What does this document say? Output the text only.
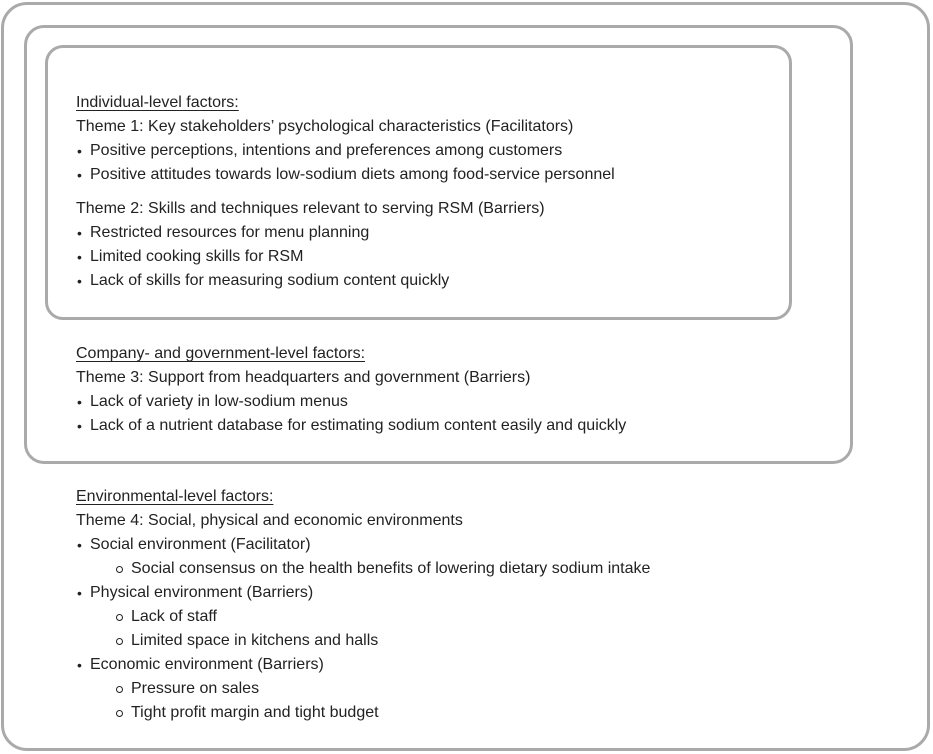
Individual-level factors:
Theme 1: Key stakeholders’ psychological characteristics (Facilitators)
• Positive perceptions, intentions and preferences among customers
• Positive attitudes towards low-sodium diets among food-service personnel
Theme 2: Skills and techniques relevant to serving RSM (Barriers)
• Restricted resources for menu planning
• Limited cooking skills for RSM
• Lack of skills for measuring sodium content quickly
Company- and government-level factors:
Theme 3: Support from headquarters and government (Barriers)
• Lack of variety in low-sodium menus
• Lack of a nutrient database for estimating sodium content easily and quickly
Environmental-level factors:
Theme 4: Social, physical and economic environments
• Social environment (Facilitator)
Social consensus on the health benefits of lowering dietary sodium intake
• Physical environment (Barriers)
Lack of staff
Limited space in kitchens and halls
• Economic environment (Barriers)
Pressure on sales
Tight profit margin and tight budget
